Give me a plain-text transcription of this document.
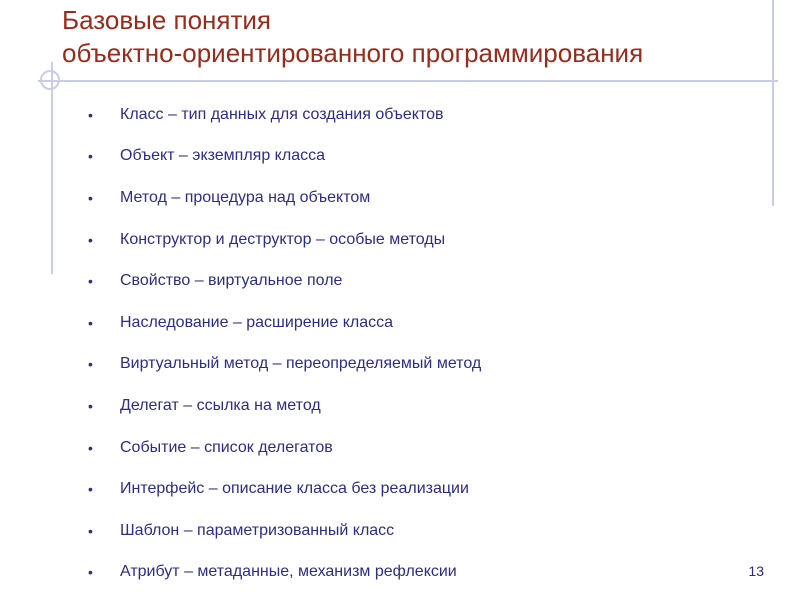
Базовые понятия
объектно-ориентированного программирования
•	Класс – тип данных для создания объектов
•	Объект – экземпляр класса
•	Метод – процедура над объектом
•	Конструктор и деструктор – особые методы
•	Свойство – виртуальное поле
•	Наследование – расширение класса
•	Виртуальный метод – переопределяемый метод
•	Делегат – ссылка на метод
•	Событие – список делегатов
•	Интерфейс – описание класса без реализации
•	Шаблон – параметризованный класс
•	Атрибут – метаданные, механизм рефлексии	13
